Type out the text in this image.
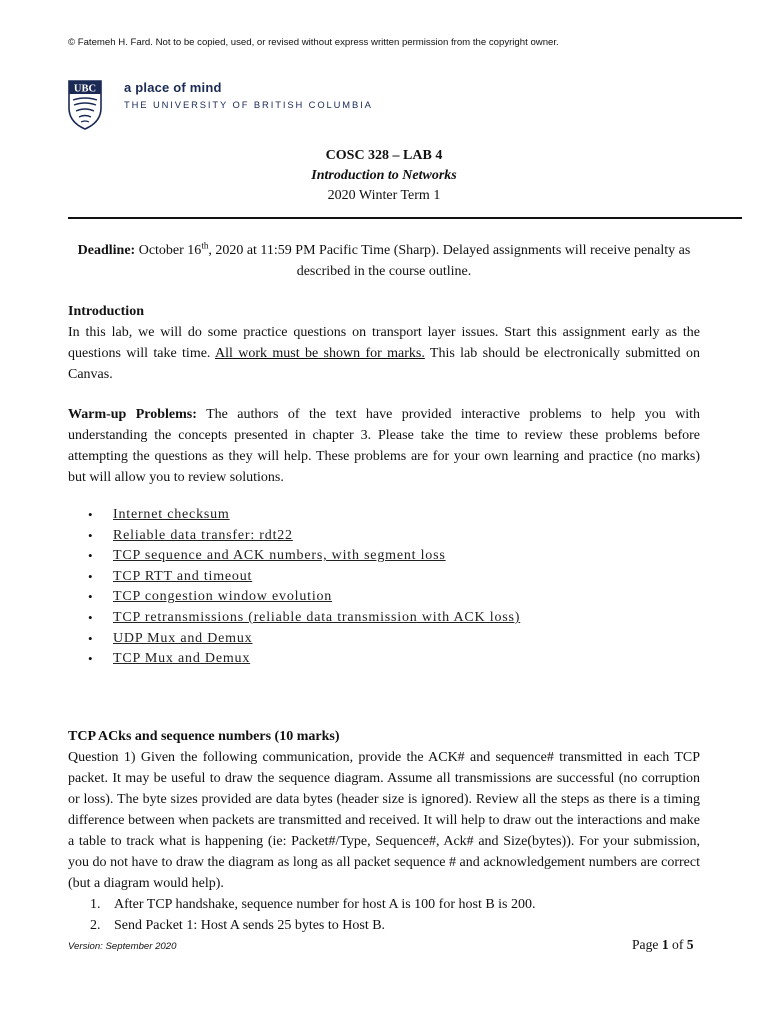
© Fatemeh H. Fard. Not to be copied, used, or revised without express written permission from the copyright owner.
UBC a place of mind
THE UNIVERSITY OF BRITISH COLUMBIA
COSC 328 – LAB 4
Introduction to Networks
2020 Winter Term 1
Deadline: October 16th, 2020 at 11:59 PM Pacific Time (Sharp). Delayed assignments will receive penalty as described in the course outline.

Introduction

In this lab, we will do some practice questions on transport layer issues. Start this assignment early as the questions will take time. All work must be shown for marks. This lab should be electronically submitted on Canvas.

Warm-up Problems: The authors of the text have provided interactive problems to help you with understanding the concepts presented in chapter 3. Please take the time to review these problems before attempting the questions as they will help. These problems are for your own learning and practice (no marks) but will allow you to review solutions.

• Internet checksum
• Reliable data transfer: rdt22
• TCP sequence and ACK numbers, with segment loss
• TCP RTT and timeout
• TCP congestion window evolution
• TCP retransmissions (reliable data transmission with ACK loss)
• UDP Mux and Demux
• TCP Mux and Demux

TCP ACks and sequence numbers (10 marks)

Question 1) Given the following communication, provide the ACK# and sequence# transmitted in each TCP packet. It may be useful to draw the sequence diagram. Assume all transmissions are successful (no corruption or loss). The byte sizes provided are data bytes (header size is ignored). Review all the steps as there is a timing difference between when packets are transmitted and received. It will help to draw out the interactions and make a table to track what is happening (ie: Packet#/Type, Sequence#, Ack# and Size(bytes)). For your submission, you do not have to draw the diagram as long as all packet sequence # and acknowledgement numbers are correct (but a diagram would help).

1. After TCP handshake, sequence number for host A is 100 for host B is 200.
2. Send Packet 1: Host A sends 25 bytes to Host B.
Version: September 2020	Page 1 of 5
